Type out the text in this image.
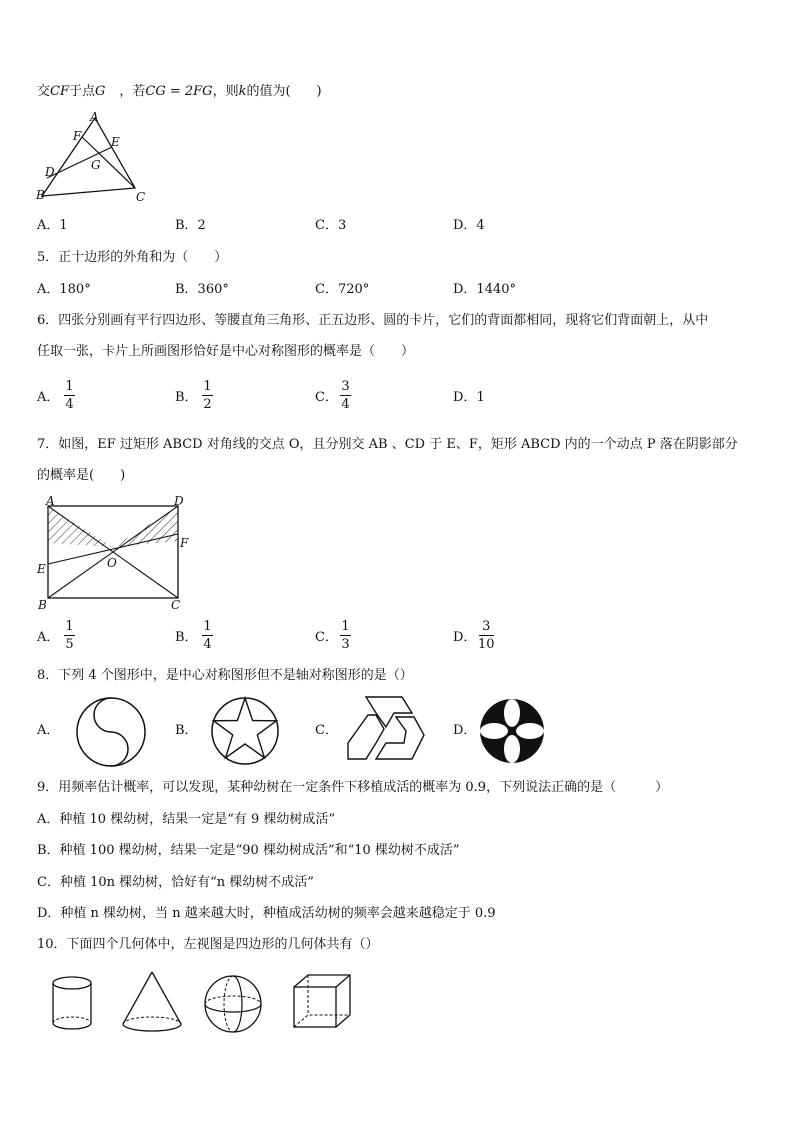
交CF于点G ，若CG = 2FG，则k的值为(　　)
A
F E
G
D
B	C
A．1	B．2	C．3	D．4
5．正十边形的外角和为（　　）
A．180°	B．360°	C．720°	D．1440°
6．四张分别画有平行四边形、等腰直角三角形、正五边形、圆的卡片，它们的背面都相同，现将它们背面朝上，从中
任取一张，卡片上所画图形恰好是中心对称图形的概率是（　　）
A．
1
4	B．
1
2	C．
3
4	D．1
7．如图，EF 过矩形 ABCD 对角线的交点 O，且分别交 AB 、CD 于 E、F，矩形 ABCD 内的一个动点 P 落在阴影部分
的概率是(　　)
A	D
F
O
E
B	C
A．
1
5	B．
1
4	C．
1
3	D．
3
10
8．下列 4 个图形中，是中心对称图形但不是轴对称图形的是（）
A．	B．	C．	D．
9．用频率估计概率，可以发现，某种幼树在一定条件下移植成活的概率为 0.9，下列说法正确的是（　　　）
A．种植 10 棵幼树，结果一定是“有 9 棵幼树成活”
B．种植 100 棵幼树，结果一定是“90 棵幼树成活”和“10 棵幼树不成活”
C．种植 10n 棵幼树，恰好有“n 棵幼树不成活”
D．种植 n 棵幼树，当 n 越来越大时，种植成活幼树的频率会越来越稳定于 0.9
10．下面四个几何体中，左视图是四边形的几何体共有（）
